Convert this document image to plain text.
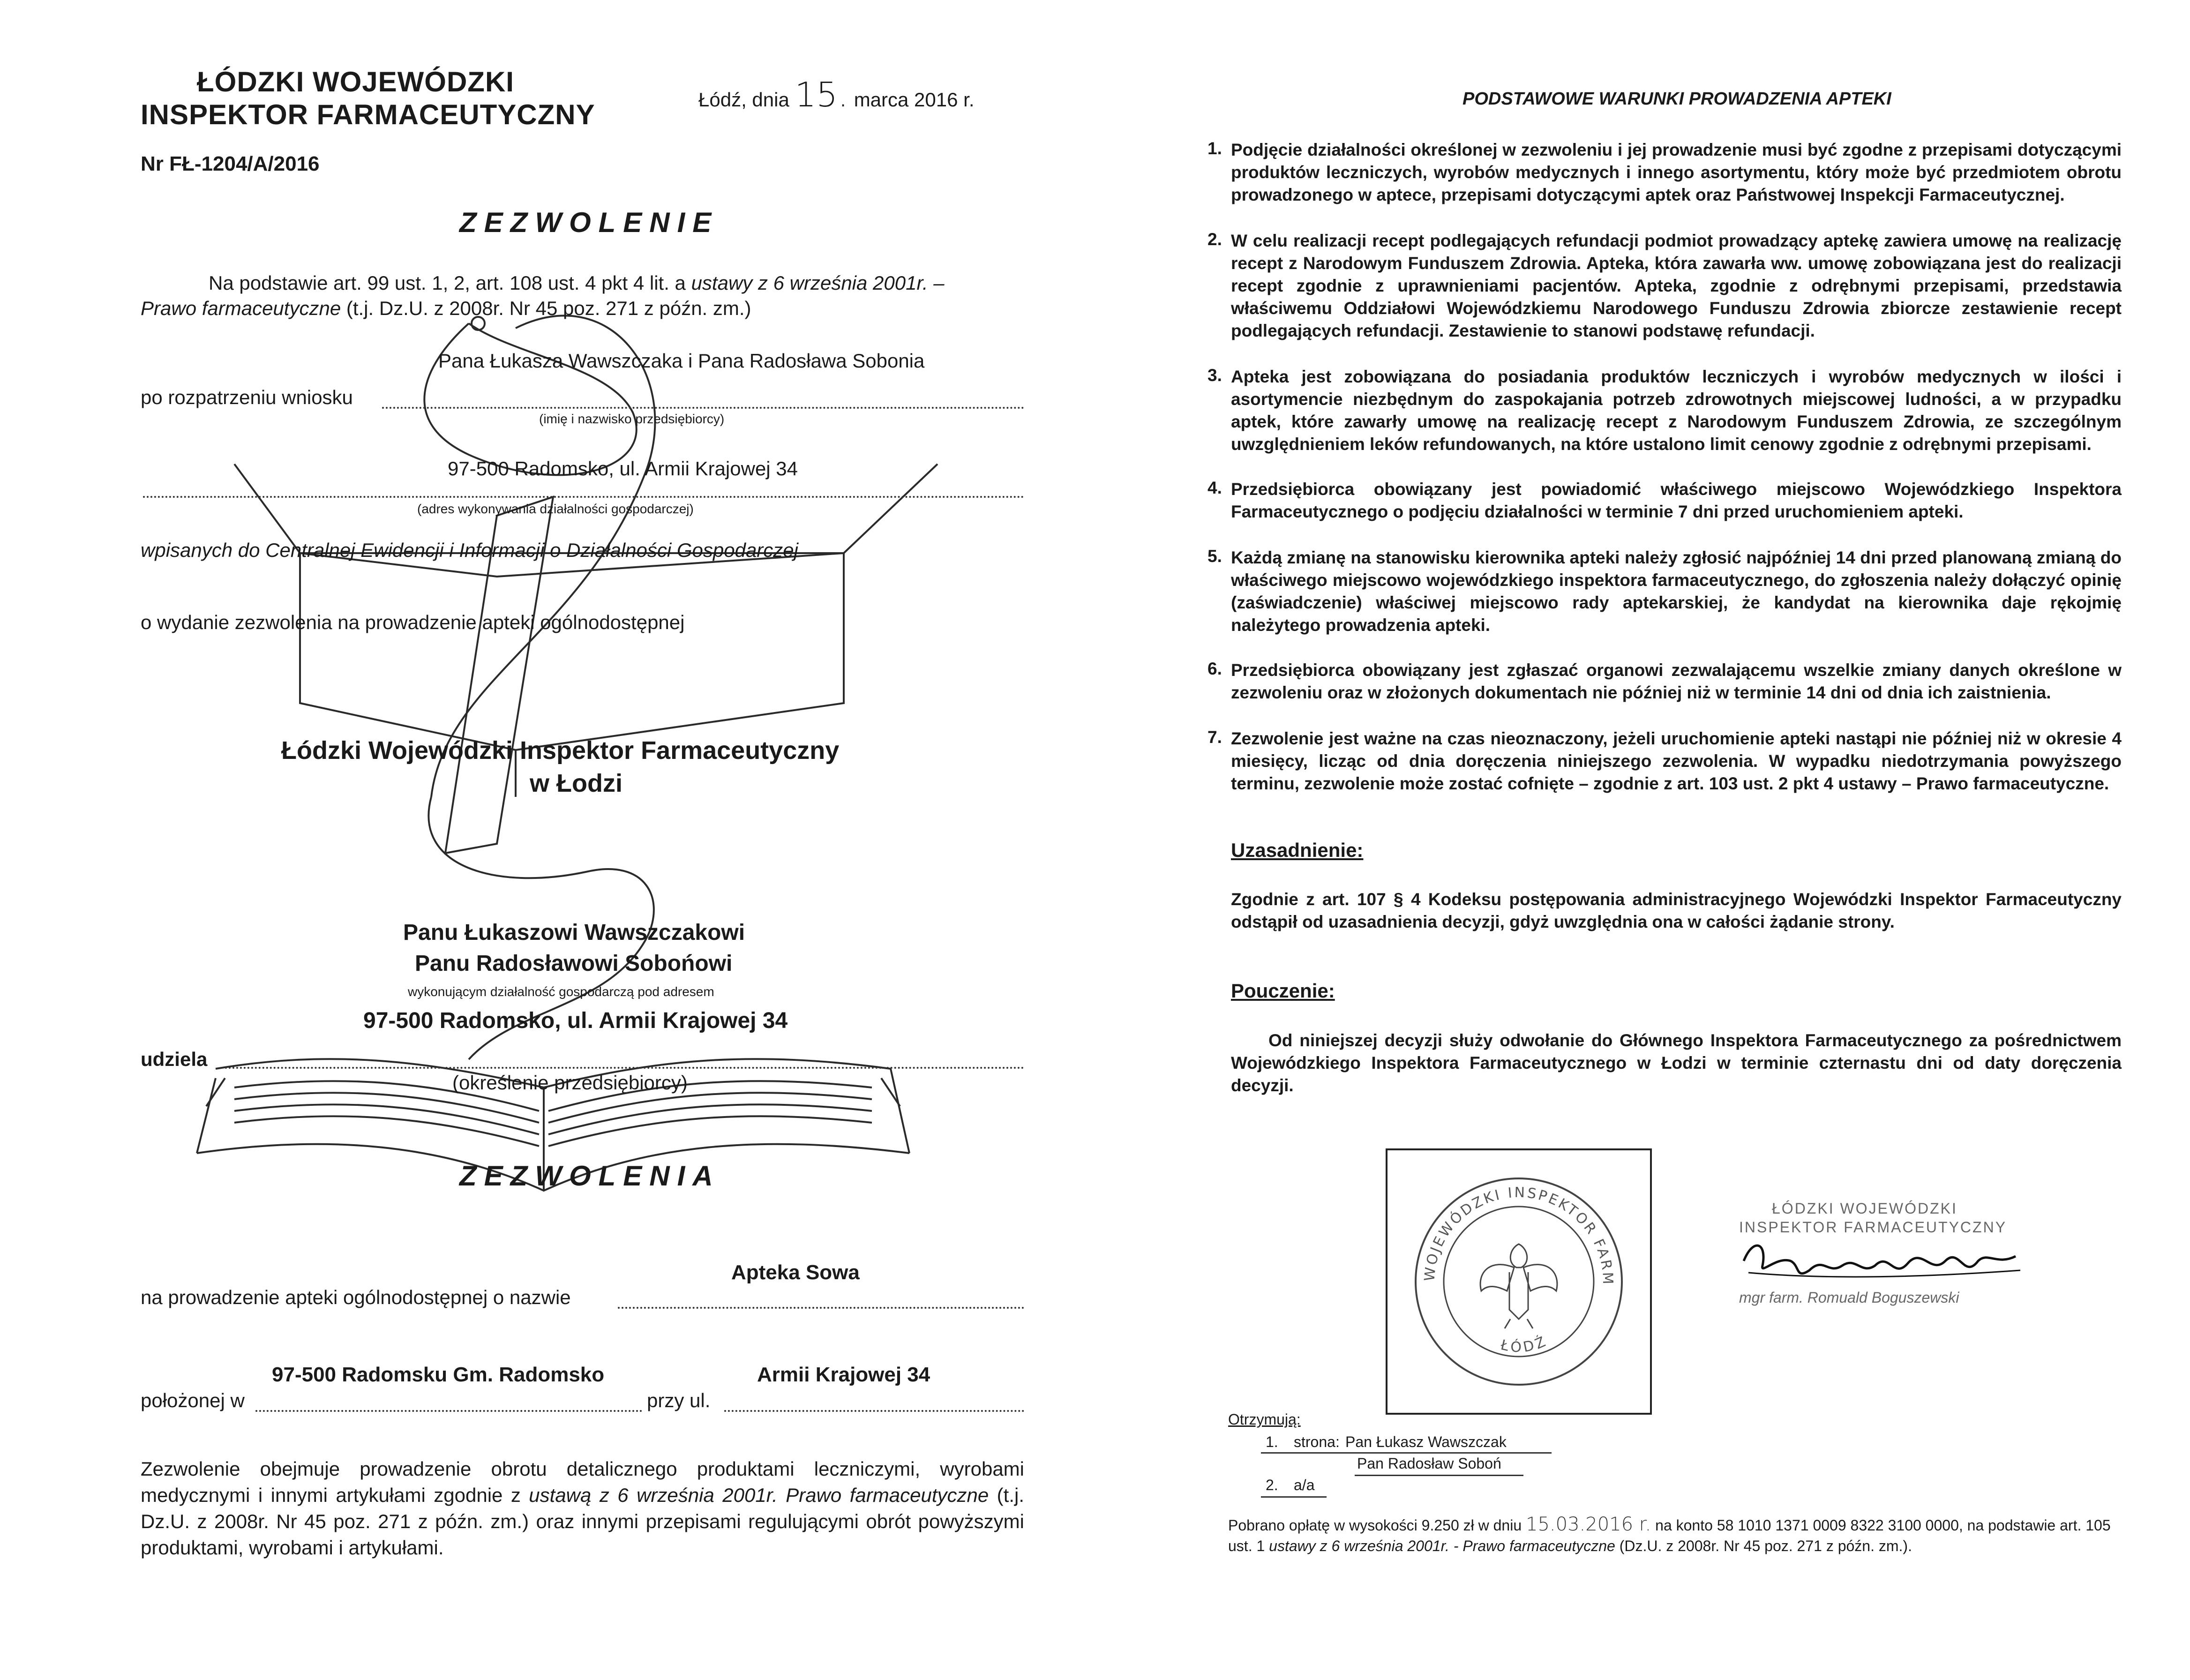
ŁÓDZKI WOJEWÓDZKI
INSPEKTOR FARMACEUTYCZNY	Łódź, dnia 15. marca 2016 r.
Nr FŁ-1204/A/2016
ZEZWOLENIE
Na podstawie art. 99 ust. 1, 2, art. 108 ust. 4 pkt 4 lit. a ustawy z 6 września 2001r. –
Prawo farmaceutyczne (t.j. Dz.U. z 2008r. Nr 45 poz. 271 z późn. zm.)
Pana Łukasza Wawszczaka i Pana Radosława Sobonia
po rozpatrzeniu wniosku
(imię i nazwisko przedsiębiorcy)
97-500 Radomsko, ul. Armii Krajowej 34
(adres wykonywania działalności gospodarczej)
wpisanych do Centralnej Ewidencji i Informacji o Działalności Gospodarczej
o wydanie zezwolenia na prowadzenie apteki ogólnodostępnej
Łódzki Wojewódzki Inspektor Farmaceutyczny
w Łodzi
Panu Łukaszowi Wawszczakowi
Panu Radosławowi Sobońowi
wykonującym działalność gospodarczą pod adresem
97-500 Radomsko, ul. Armii Krajowej 34
udziela
(określenie przedsiębiorcy)
ZEZWOLENIA
Apteka Sowa
na prowadzenie apteki ogólnodostępnej o nazwie
97-500 Radomsku Gm. Radomsko	Armii Krajowej 34
położonej w	przy ul.
Zezwolenie obejmuje prowadzenie obrotu detalicznego produktami leczniczymi, wyrobami medycznymi i innymi artykułami zgodnie z ustawą z 6 września 2001r. Prawo farmaceutyczne (t.j. Dz.U. z 2008r. Nr 45 poz. 271 z późn. zm.) oraz innymi przepisami regulującymi obrót powyższymi produktami, wyrobami i artykułami.
PODSTAWOWE WARUNKI PROWADZENIA APTEKI
1. Podjęcie działalności określonej w zezwoleniu i jej prowadzenie musi być zgodne z przepisami dotyczącymi produktów leczniczych, wyrobów medycznych i innego asortymentu, który może być przedmiotem obrotu prowadzonego w aptece, przepisami dotyczącymi aptek oraz Państwowej Inspekcji Farmaceutycznej.
2. W celu realizacji recept podlegających refundacji podmiot prowadzący aptekę zawiera umowę na realizację recept z Narodowym Funduszem Zdrowia. Apteka, która zawarła ww. umowę zobowiązana jest do realizacji recept zgodnie z uprawnieniami pacjentów. Apteka, zgodnie z odrębnymi przepisami, przedstawia właściwemu Oddziałowi Wojewódzkiemu Narodowego Funduszu Zdrowia zbiorcze zestawienie recept podlegających refundacji. Zestawienie to stanowi podstawę refundacji.
3. Apteka jest zobowiązana do posiadania produktów leczniczych i wyrobów medycznych w ilości i asortymencie niezbędnym do zaspokajania potrzeb zdrowotnych miejscowej ludności, a w przypadku aptek, które zawarły umowę na realizację recept z Narodowym Funduszem Zdrowia, ze szczególnym uwzględnieniem leków refundowanych, na które ustalono limit cenowy zgodnie z odrębnymi przepisami.
4. Przedsiębiorca obowiązany jest powiadomić właściwego miejscowo Wojewódzkiego Inspektora Farmaceutycznego o podjęciu działalności w terminie 7 dni przed uruchomieniem apteki.
5. Każdą zmianę na stanowisku kierownika apteki należy zgłosić najpóźniej 14 dni przed planowaną zmianą do właściwego miejscowo wojewódzkiego inspektora farmaceutycznego, do zgłoszenia należy dołączyć opinię (zaświadczenie) właściwej miejscowo rady aptekarskiej, że kandydat na kierownika daje rękojmię należytego prowadzenia apteki.
6. Przedsiębiorca obowiązany jest zgłaszać organowi zezwalającemu wszelkie zmiany danych określone w zezwoleniu oraz w złożonych dokumentach nie później niż w terminie 14 dni od dnia ich zaistnienia.
7. Zezwolenie jest ważne na czas nieoznaczony, jeżeli uruchomienie apteki nastąpi nie później niż w okresie 4 miesięcy, licząc od dnia doręczenia niniejszego zezwolenia. W wypadku niedotrzymania powyższego terminu, zezwolenie może zostać cofnięte – zgodnie z art. 103 ust. 2 pkt 4 ustawy – Prawo farmaceutyczne.
Uzasadnienie:
Zgodnie z art. 107 § 4 Kodeksu postępowania administracyjnego Wojewódzki Inspektor Farmaceutyczny odstąpił od uzasadnienia decyzji, gdyż uwzględnia ona w całości żądanie strony.
Pouczenie:
Od niniejszej decyzji służy odwołanie do Głównego Inspektora Farmaceutycznego za pośrednictwem Wojewódzkiego Inspektora Farmaceutycznego w Łodzi w terminie czternastu dni od daty doręczenia decyzji.
WOJEWÓDZKI INSPEKTOR FARM
ŁÓDŹ
ŁÓDZKI WOJEWÓDZKI
INSPEKTOR FARMACEUTYCZNY
mgr farm. Romuald Boguszewski
Otrzymują:
1. strona: Pan Łukasz Wawszczak
Pan Radosław Soboń
2. a/a
Pobrano opłatę w wysokości 9.250 zł w dniu 15.03.2016 r. na konto 58 1010 1371 0009 8322 3100 0000, na podstawie art. 105 ust. 1 ustawy z 6 września 2001r. - Prawo farmaceutyczne (Dz.U. z 2008r. Nr 45 poz. 271 z późn. zm.).
